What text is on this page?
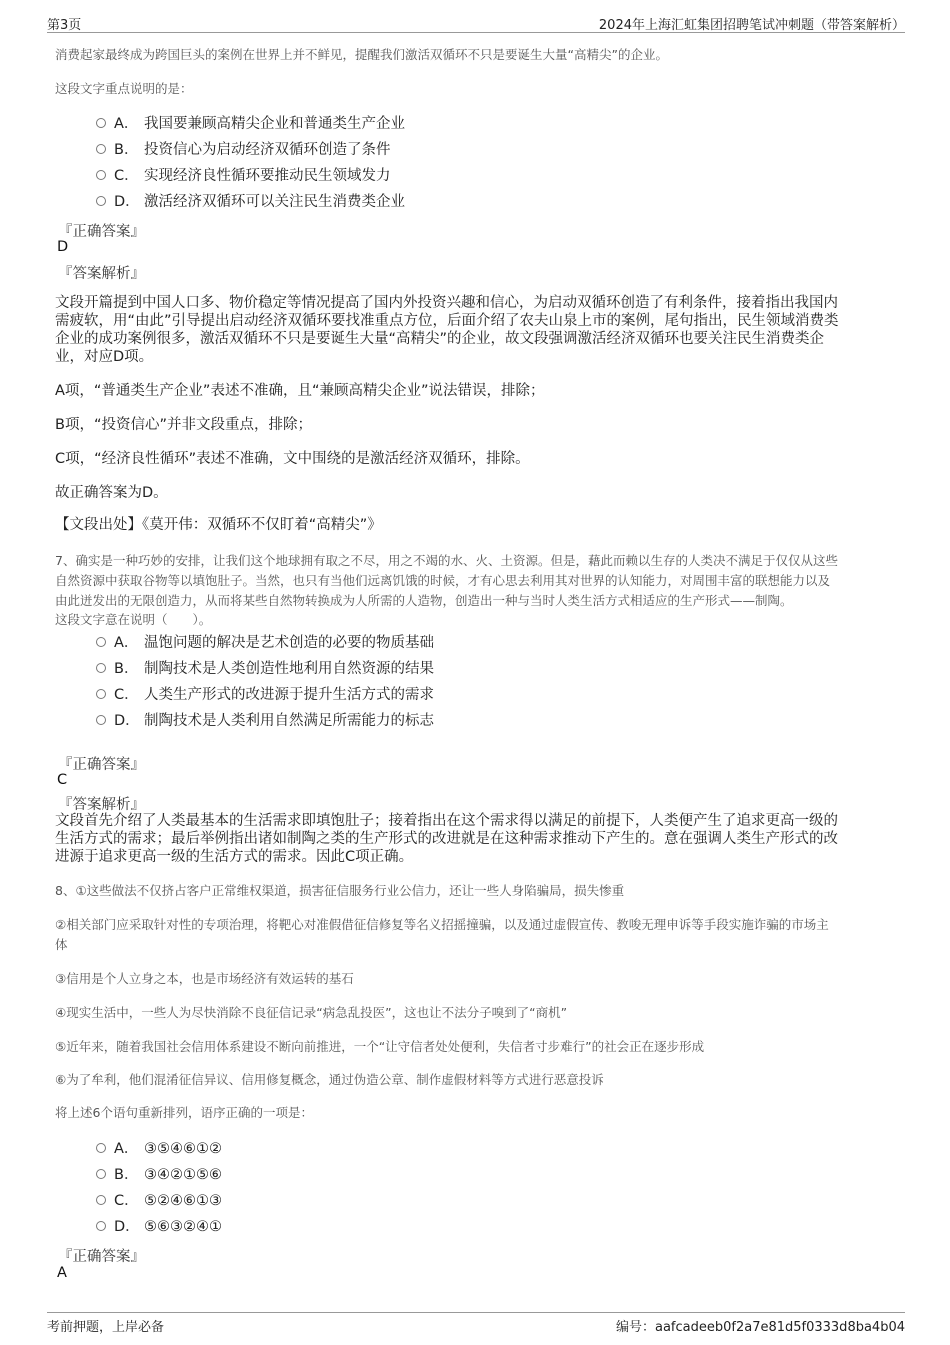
第3页	2024年上海汇虹集团招聘笔试冲刺题（带答案解析）

消费起家最终成为跨国巨头的案例在世界上并不鲜见，提醒我们激活双循环不只是要诞生大量“高精尖”的企业。

这段文字重点说明的是：

A． 我国要兼顾高精尖企业和普通类生产企业
B． 投资信心为启动经济双循环创造了条件
C． 实现经济良性循环要推动民生领域发力
D． 激活经济双循环可以关注民生消费类企业

『正确答案』

D

『答案解析』

文段开篇提到中国人口多、物价稳定等情况提高了国内外投资兴趣和信心，为启动双循环创造了有利条件，接着指出我国内

需疲软，用“由此”引导提出启动经济双循环要找准重点方位，后面介绍了农夫山泉上市的案例，尾句指出，民生领域消费类

企业的成功案例很多，激活双循环不只是要诞生大量“高精尖”的企业，故文段强调激活经济双循环也要关注民生消费类企

业，对应D项。

A项，“普通类生产企业”表述不准确，且“兼顾高精尖企业”说法错误，排除；

B项，“投资信心”并非文段重点，排除；

C项，“经济良性循环”表述不准确，文中围绕的是激活经济双循环，排除。

故正确答案为D。

【文段出处】《莫开伟：双循环不仅盯着“高精尖”》

7、确实是一种巧妙的安排，让我们这个地球拥有取之不尽，用之不竭的水、火、土资源。但是，藉此而赖以生存的人类决不满足于仅仅从这些

自然资源中获取谷物等以填饱肚子。当然，也只有当他们远离饥饿的时候，才有心思去利用其对世界的认知能力，对周围丰富的联想能力以及

由此迸发出的无限创造力，从而将某些自然物转换成为人所需的人造物，创造出一种与当时人类生活方式相适应的生产形式——制陶。

这段文字意在说明（　　）。

A． 温饱问题的解决是艺术创造的必要的物质基础
B． 制陶技术是人类创造性地利用自然资源的结果
C． 人类生产形式的改进源于提升生活方式的需求
D． 制陶技术是人类利用自然满足所需能力的标志

『正确答案』

C

『答案解析』

文段首先介绍了人类最基本的生活需求即填饱肚子；接着指出在这个需求得以满足的前提下，人类便产生了追求更高一级的

生活方式的需求；最后举例指出诸如制陶之类的生产形式的改进就是在这种需求推动下产生的。意在强调人类生产形式的改

进源于追求更高一级的生活方式的需求。因此C项正确。

8、①这些做法不仅挤占客户正常维权渠道，损害征信服务行业公信力，还让一些人身陷骗局，损失惨重

②相关部门应采取针对性的专项治理，将靶心对准假借征信修复等名义招摇撞骗，以及通过虚假宣传、教唆无理申诉等手段实施诈骗的市场主

体

③信用是个人立身之本，也是市场经济有效运转的基石

④现实生活中，一些人为尽快消除不良征信记录“病急乱投医”，这也让不法分子嗅到了“商机”

⑤近年来，随着我国社会信用体系建设不断向前推进，一个“让守信者处处便利，失信者寸步难行”的社会正在逐步形成

⑥为了牟利，他们混淆征信异议、信用修复概念，通过伪造公章、制作虚假材料等方式进行恶意投诉

将上述6个语句重新排列，语序正确的一项是：

A． ③⑤④⑥①②
B． ③④②①⑤⑥
C． ⑤②④⑥①③
D． ⑤⑥③②④①

『正确答案』

A

考前押题，上岸必备	编号：aafcadeeb0f2a7e81d5f0333d8ba4b04
